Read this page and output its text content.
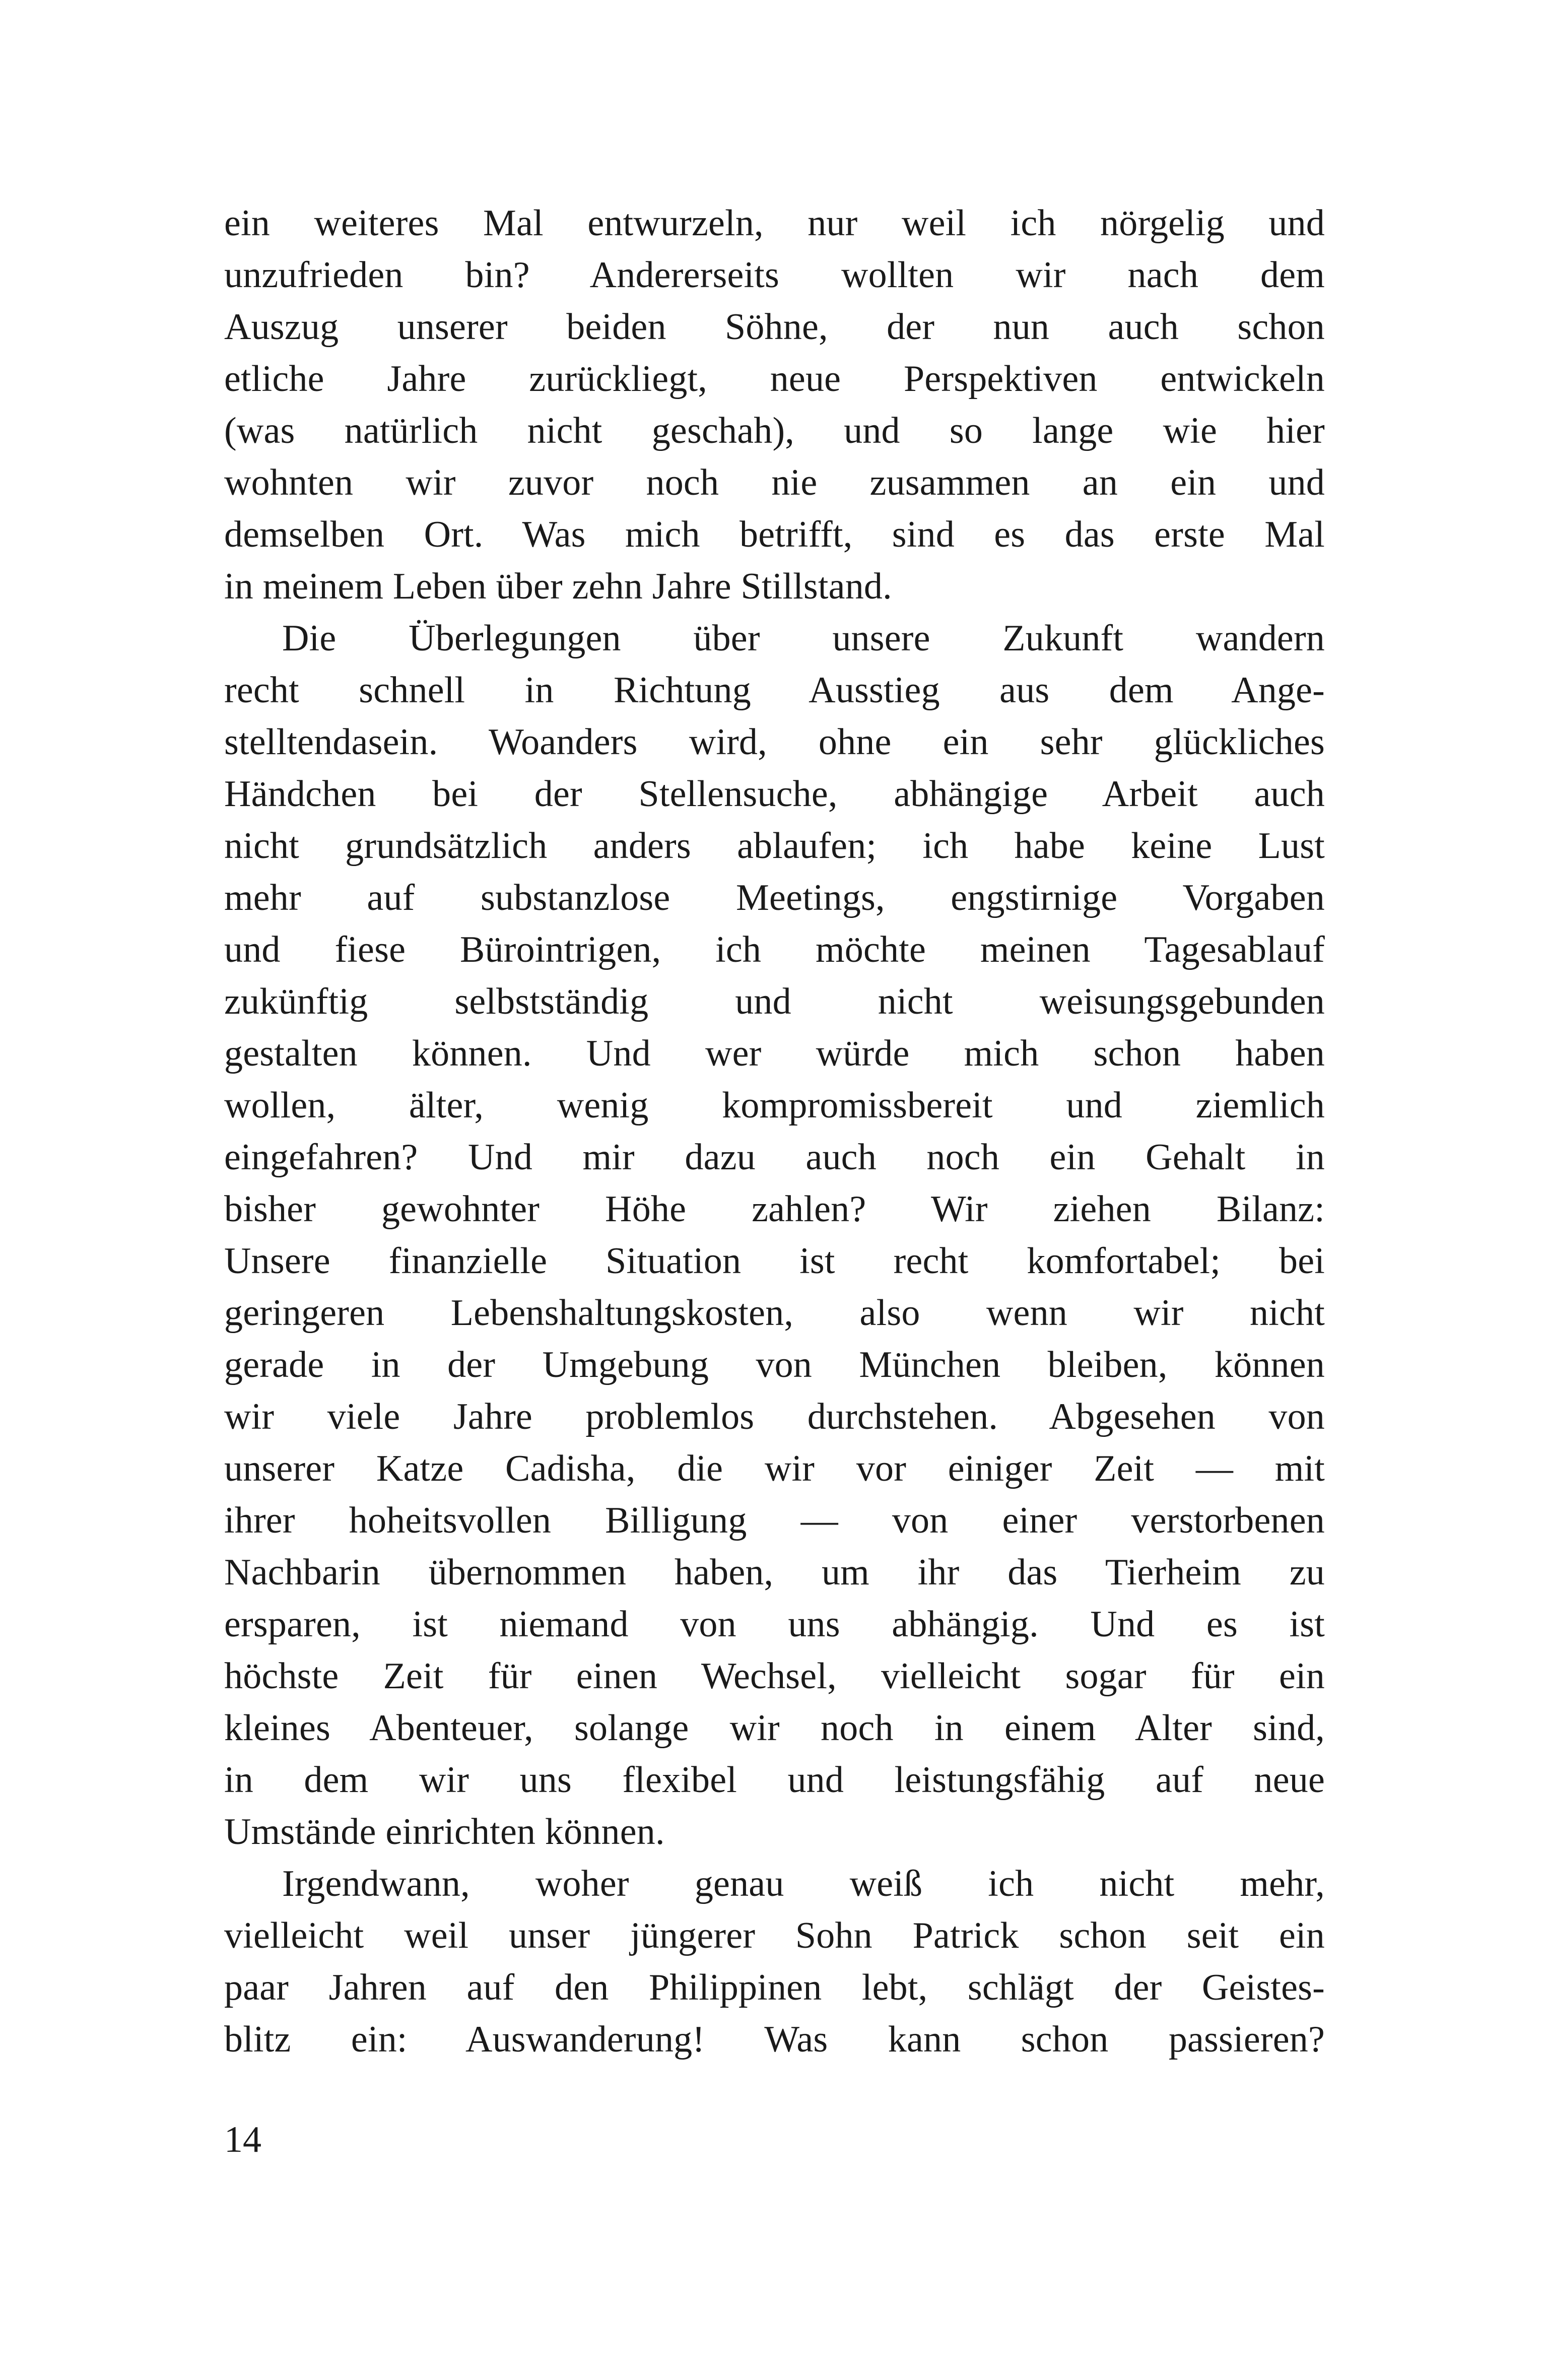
ein weiteres Mal entwurzeln, nur weil ich nörgelig und
unzufrieden bin? Andererseits wollten wir nach dem
Auszug unserer beiden Söhne, der nun auch schon
etliche Jahre zurückliegt, neue Perspektiven entwickeln
(was natürlich nicht geschah), und so lange wie hier
wohnten wir zuvor noch nie zusammen an ein und
demselben Ort. Was mich betrifft, sind es das erste Mal
in meinem Leben über zehn Jahre Stillstand.
Die Überlegungen über unsere Zukunft wandern
recht schnell in Richtung Ausstieg aus dem Ange-
stelltendasein. Woanders wird, ohne ein sehr glückliches
Händchen bei der Stellensuche, abhängige Arbeit auch
nicht grundsätzlich anders ablaufen; ich habe keine Lust
mehr auf substanzlose Meetings, engstirnige Vorgaben
und fiese Bürointrigen, ich möchte meinen Tagesablauf
zukünftig selbstständig und nicht weisungsgebunden
gestalten können. Und wer würde mich schon haben
wollen, älter, wenig kompromissbereit und ziemlich
eingefahren? Und mir dazu auch noch ein Gehalt in
bisher gewohnter Höhe zahlen? Wir ziehen Bilanz:
Unsere finanzielle Situation ist recht komfortabel; bei
geringeren Lebenshaltungskosten, also wenn wir nicht
gerade in der Umgebung von München bleiben, können
wir viele Jahre problemlos durchstehen. Abgesehen von
unserer Katze Cadisha, die wir vor einiger Zeit — mit
ihrer hoheitsvollen Billigung — von einer verstorbenen
Nachbarin übernommen haben, um ihr das Tierheim zu
ersparen, ist niemand von uns abhängig. Und es ist
höchste Zeit für einen Wechsel, vielleicht sogar für ein
kleines Abenteuer, solange wir noch in einem Alter sind,
in dem wir uns flexibel und leistungsfähig auf neue
Umstände einrichten können.
Irgendwann, woher genau weiß ich nicht mehr,
vielleicht weil unser jüngerer Sohn Patrick schon seit ein
paar Jahren auf den Philippinen lebt, schlägt der Geistes-
blitz ein: Auswanderung! Was kann schon passieren?
14
